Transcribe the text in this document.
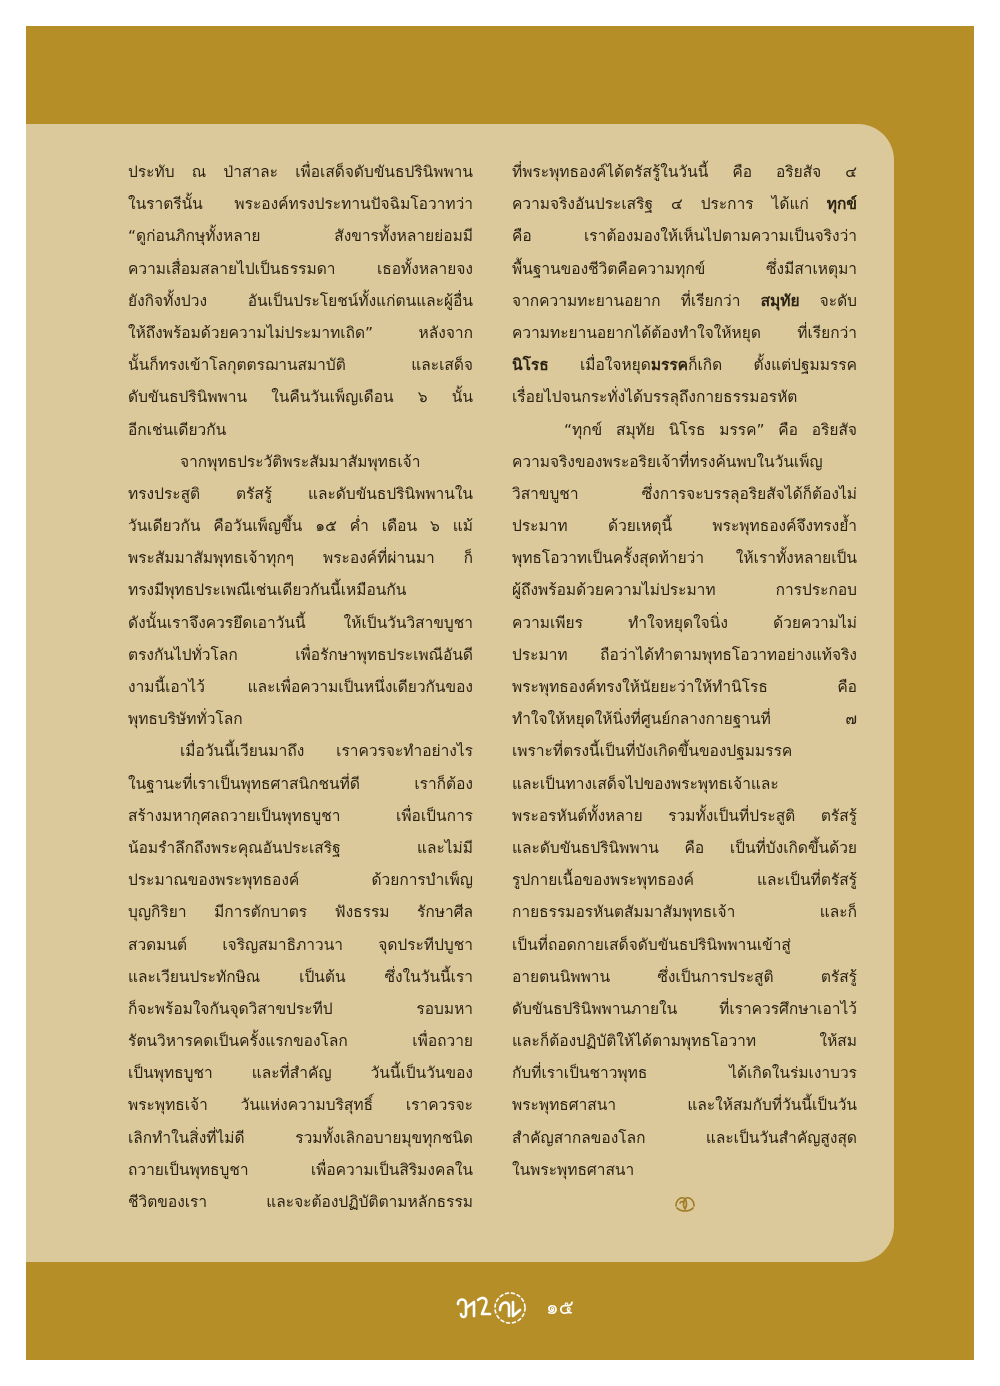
ประทับ ณ ป่าสาละ เพื่อเสด็จดับขันธปรินิพพาน
ในราตรีนั้น พระองค์ทรงประทานปัจฉิมโอวาทว่า
“ดูก่อนภิกษุทั้งหลาย สังขารทั้งหลายย่อมมี
ความเสื่อมสลายไปเป็นธรรมดา เธอทั้งหลายจง
ยังกิจทั้งปวง อันเป็นประโยชน์ทั้งแก่ตนและผู้อื่น
ให้ถึงพร้อมด้วยความไม่ประมาทเถิด” หลังจาก
นั้นก็ทรงเข้าโลกุตตรฌานสมาบัติ และเสด็จ
ดับขันธปรินิพพาน ในคืนวันเพ็ญเดือน ๖ นั้น
อีกเช่นเดียวกัน
จากพุทธประวัติพระสัมมาสัมพุทธเจ้า
ทรงประสูติ ตรัสรู้ และดับขันธปรินิพพานใน
วันเดียวกัน คือวันเพ็ญขึ้น ๑๕ ค่ำ เดือน ๖ แม้
พระสัมมาสัมพุทธเจ้าทุกๆ พระองค์ที่ผ่านมา ก็
ทรงมีพุทธประเพณีเช่นเดียวกันนี้เหมือนกัน
ดังนั้นเราจึงควรยึดเอาวันนี้ ให้เป็นวันวิสาขบูชา
ตรงกันไปทั่วโลก เพื่อรักษาพุทธประเพณีอันดี
งามนี้เอาไว้ และเพื่อความเป็นหนึ่งเดียวกันของ
พุทธบริษัททั่วโลก
เมื่อวันนี้เวียนมาถึง เราควรจะทำอย่างไร
ในฐานะที่เราเป็นพุทธศาสนิกชนที่ดี เราก็ต้อง
สร้างมหากุศลถวายเป็นพุทธบูชา เพื่อเป็นการ
น้อมรำลึกถึงพระคุณอันประเสริฐ และไม่มี
ประมาณของพระพุทธองค์ ด้วยการบำเพ็ญ
บุญกิริยา มีการตักบาตร ฟังธรรม รักษาศีล
สวดมนต์ เจริญสมาธิภาวนา จุดประทีปบูชา
และเวียนประทักษิณ เป็นต้น ซึ่งในวันนี้เรา
ก็จะพร้อมใจกันจุดวิสาขประทีป รอบมหา
รัตนวิหารคดเป็นครั้งแรกของโลก เพื่อถวาย
เป็นพุทธบูชา และที่สำคัญ วันนี้เป็นวันของ
พระพุทธเจ้า วันแห่งความบริสุทธิ์ เราควรจะ
เลิกทำในสิ่งที่ไม่ดี รวมทั้งเลิกอบายมุขทุกชนิด
ถวายเป็นพุทธบูชา เพื่อความเป็นสิริมงคลใน
ชีวิตของเรา และจะต้องปฏิบัติตามหลักธรรม
ที่พระพุทธองค์ได้ตรัสรู้ในวันนี้ คือ อริยสัจ ๔
ความจริงอันประเสริฐ ๔ ประการ ได้แก่ ทุกข์
คือ เราต้องมองให้เห็นไปตามความเป็นจริงว่า
พื้นฐานของชีวิตคือความทุกข์ ซึ่งมีสาเหตุมา
จากความทะยานอยาก ที่เรียกว่า สมุทัย จะดับ
ความทะยานอยากได้ต้องทำใจให้หยุด ที่เรียกว่า
นิโรธ เมื่อใจหยุดมรรคก็เกิด ตั้งแต่ปฐมมรรค
เรื่อยไปจนกระทั่งได้บรรลุถึงกายธรรมอรหัต
“ทุกข์ สมุทัย นิโรธ มรรค” คือ อริยสัจ
ความจริงของพระอริยเจ้าที่ทรงค้นพบในวันเพ็ญ
วิสาขบูชา ซึ่งการจะบรรลุอริยสัจได้ก็ต้องไม่
ประมาท ด้วยเหตุนี้ พระพุทธองค์จึงทรงย้ำ
พุทธโอวาทเป็นครั้งสุดท้ายว่า ให้เราทั้งหลายเป็น
ผู้ถึงพร้อมด้วยความไม่ประมาท การประกอบ
ความเพียร ทำใจหยุดใจนิ่ง ด้วยความไม่
ประมาท ถือว่าได้ทำตามพุทธโอวาทอย่างแท้จริง
พระพุทธองค์ทรงให้นัยยะว่าให้ทำนิโรธ คือ
ทำใจให้หยุดให้นิ่งที่ศูนย์กลางกายฐานที่ ๗
เพราะที่ตรงนี้เป็นที่บังเกิดขึ้นของปฐมมรรค
และเป็นทางเสด็จไปของพระพุทธเจ้าและ
พระอรหันต์ทั้งหลาย รวมทั้งเป็นที่ประสูติ ตรัสรู้
และดับขันธปรินิพพาน คือ เป็นที่บังเกิดขึ้นด้วย
รูปกายเนื้อของพระพุทธองค์ และเป็นที่ตรัสรู้
กายธรรมอรหันตสัมมาสัมพุทธเจ้า และก็
เป็นที่ถอดกายเสด็จดับขันธปรินิพพานเข้าสู่
อายตนนิพพาน ซึ่งเป็นการประสูติ ตรัสรู้
ดับขันธปรินิพพานภายใน ที่เราควรศึกษาเอาไว้
และก็ต้องปฏิบัติให้ได้ตามพุทธโอวาท ให้สม
กับที่เราเป็นชาวพุทธ ได้เกิดในร่มเงาบวร
พระพุทธศาสนา และให้สมกับที่วันนี้เป็นวัน
สำคัญสากลของโลก และเป็นวันสำคัญสูงสุด
ในพระพุทธศาสนา
๑๕
